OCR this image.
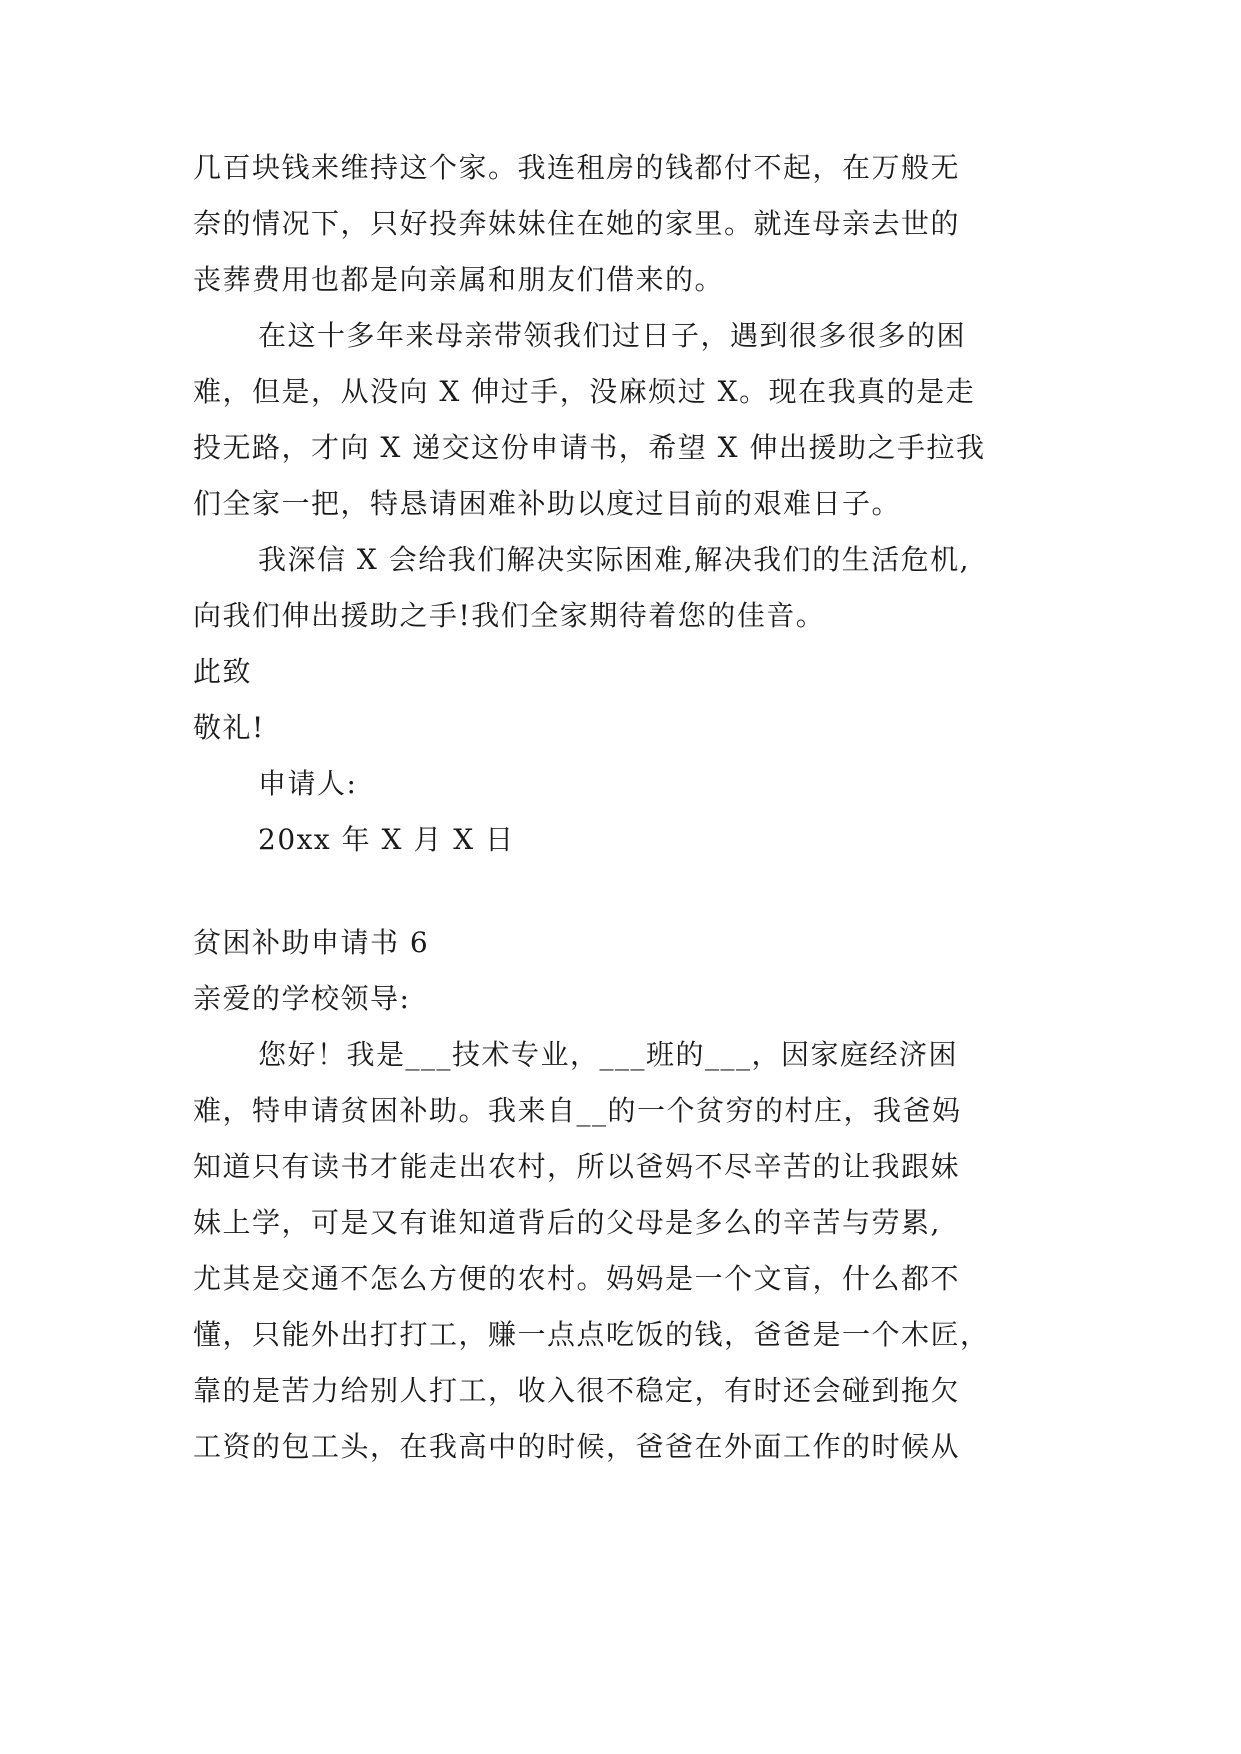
几百块钱来维持这个家。我连租房的钱都付不起，在万般无
奈的情况下，只好投奔妹妹住在她的家里。就连母亲去世的
丧葬费用也都是向亲属和朋友们借来的。
在这十多年来母亲带领我们过日子，遇到很多很多的困
难，但是，从没向 X 伸过手，没麻烦过 X。现在我真的是走
投无路，才向 X 递交这份申请书，希望 X 伸出援助之手拉我
们全家一把，特恳请困难补助以度过目前的艰难日子。
我深信 X 会给我们解决实际困难,解决我们的生活危机,
向我们伸出援助之手!我们全家期待着您的佳音。
此致
敬礼!
申请人:
20xx 年 X 月 X 日
贫困补助申请书 6
亲爱的学校领导:
您好！我是___技术专业，___班的___，因家庭经济困
难，特申请贫困补助。我来自__的一个贫穷的村庄，我爸妈
知道只有读书才能走出农村，所以爸妈不尽辛苦的让我跟妹
妹上学，可是又有谁知道背后的父母是多么的辛苦与劳累,
尤其是交通不怎么方便的农村。妈妈是一个文盲，什么都不
懂，只能外出打打工，赚一点点吃饭的钱，爸爸是一个木匠，
靠的是苦力给别人打工，收入很不稳定，有时还会碰到拖欠
工资的包工头，在我高中的时候，爸爸在外面工作的时候从
